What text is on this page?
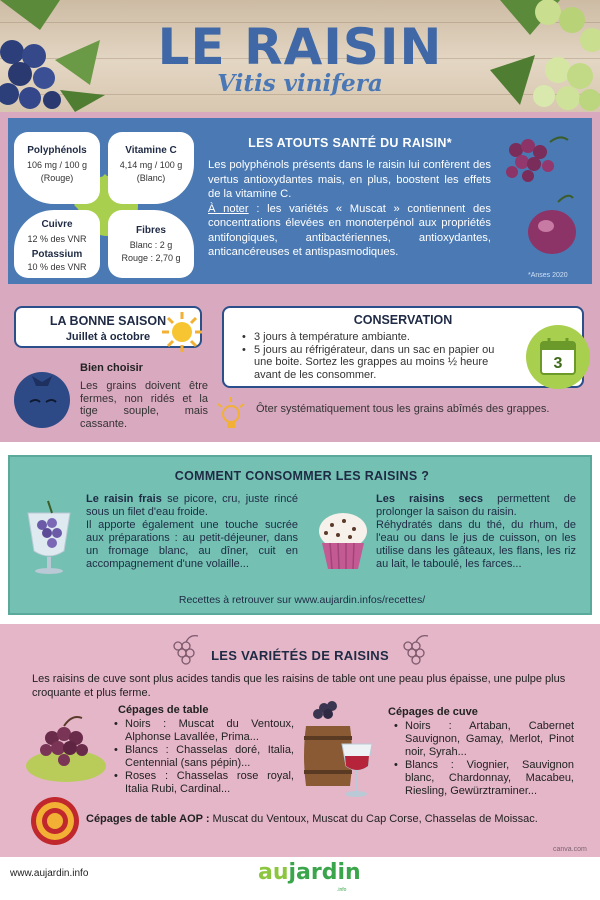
LE RAISIN
Vitis vinifera
Polyphénols
106 mg / 100 g
(Rouge)
Vitamine C
4,14 mg / 100 g
(Blanc)
Cuivre
12 % des VNR
Potassium
10 % des VNR
Fibres
Blanc : 2 g
Rouge : 2,70 g
LES ATOUTS SANTÉ DU RAISIN*
Les polyphénols présents dans le raisin lui confèrent des vertus antioxydantes mais, en plus, boostent les effets de la vitamine C.
À noter : les variétés « Muscat » contiennent des concentrations élevées en monoterpénol aux propriétés antifongiques, antibactériennes, antioxydantes, anticancéreuses et antispasmodiques.
*Anses 2020
LA BONNE SAISON
Juillet à octobre
CONSERVATION
• 3 jours à température ambiante.
• 5 jours au réfrigérateur, dans un sac en papier ou une boite. Sortez les grappes au moins ½ heure avant de les consommer.
3
Bien choisir
Les grains doivent être fermes, non ridés et la tige souple, mais cassante.
Ôter systématiquement tous les grains abîmés des grappes.
COMMENT CONSOMMER LES RAISINS ?
Le raisin frais se picore, cru, juste rincé sous un filet d'eau froide.
Il apporte également une touche sucrée aux préparations : au petit-déjeuner, dans un fromage blanc, au dîner, cuit en accompagnement d'une volaille...
Les raisins secs permettent de prolonger la saison du raisin.
Réhydratés dans du thé, du rhum, de l'eau ou dans le jus de cuisson, on les utilise dans les gâteaux, les flans, les riz au lait, le taboulé, les farces...
Recettes à retrouver sur www.aujardin.infos/recettes/
LES VARIÉTÉS DE RAISINS
Les raisins de cuve sont plus acides tandis que les raisins de table ont une peau plus épaisse, une pulpe plus croquante et plus ferme.
Cépages de table
• Noirs : Muscat du Ventoux, Alphonse Lavallée, Prima...
• Blancs : Chasselas doré, Italia, Centennial (sans pépin)...
• Roses : Chasselas rose royal, Italia Rubi, Cardinal...
Cépages de cuve
• Noirs : Artaban, Cabernet Sauvignon, Gamay, Merlot, Pinot noir, Syrah...
• Blancs : Viognier, Sauvignon blanc, Chardonnay, Macabeu, Riesling, Gewürztraminer...
Cépages de table AOP : Muscat du Ventoux, Muscat du Cap Corse, Chasselas de Moissac.
canva.com
www.aujardin.info	aujardin
.info
